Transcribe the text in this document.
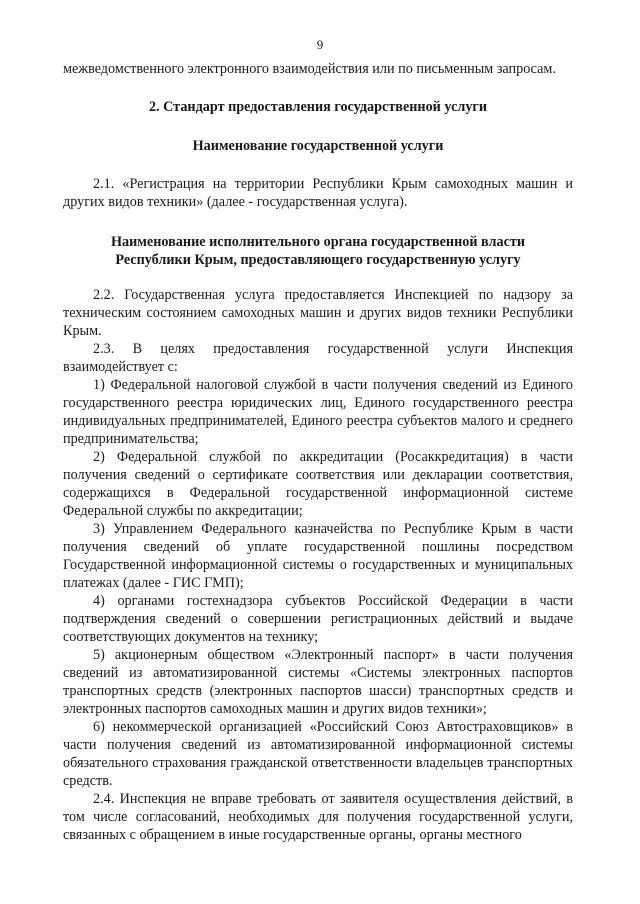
9

межведомственного электронного взаимодействия или по письменным запросам.

2. Стандарт предоставления государственной услуги

Наименование государственной услуги

2.1. «Регистрация на территории Республики Крым самоходных машин и других видов техники» (далее - государственная услуга).

Наименование исполнительного органа государственной власти

Республики Крым, предоставляющего государственную услугу

2.2. Государственная услуга предоставляется Инспекцией по надзору за техническим состоянием самоходных машин и других видов техники Республики Крым.

2.3. В целях предоставления государственной услуги Инспекция взаимодействует с:

1) Федеральной налоговой службой в части получения сведений из Единого государственного реестра юридических лиц, Единого государственного реестра индивидуальных предпринимателей, Единого реестра субъектов малого и среднего предпринимательства;

2) Федеральной службой по аккредитации (Росаккредитация) в части получения сведений о сертификате соответствия или декларации соответствия, содержащихся в Федеральной государственной информационной системе Федеральной службы по аккредитации;

3) Управлением Федерального казначейства по Республике Крым в части получения сведений об уплате государственной пошлины посредством Государственной информационной системы о государственных и муниципальных платежах (далее - ГИС ГМП);

4) органами гостехнадзора субъектов Российской Федерации в части подтверждения сведений о совершении регистрационных действий и выдаче соответствующих документов на технику;

5) акционерным обществом «Электронный паспорт» в части получения сведений из автоматизированной системы «Системы электронных паспортов транспортных средств (электронных паспортов шасси) транспортных средств и электронных паспортов самоходных машин и других видов техники»;

6) некоммерческой организацией «Российский Союз Автостраховщиков» в части получения сведений из автоматизированной информационной системы обязательного страхования гражданской ответственности владельцев транспортных средств.

2.4. Инспекция не вправе требовать от заявителя осуществления действий, в том числе согласований, необходимых для получения государственной услуги, связанных с обращением в иные государственные органы, органы местного
